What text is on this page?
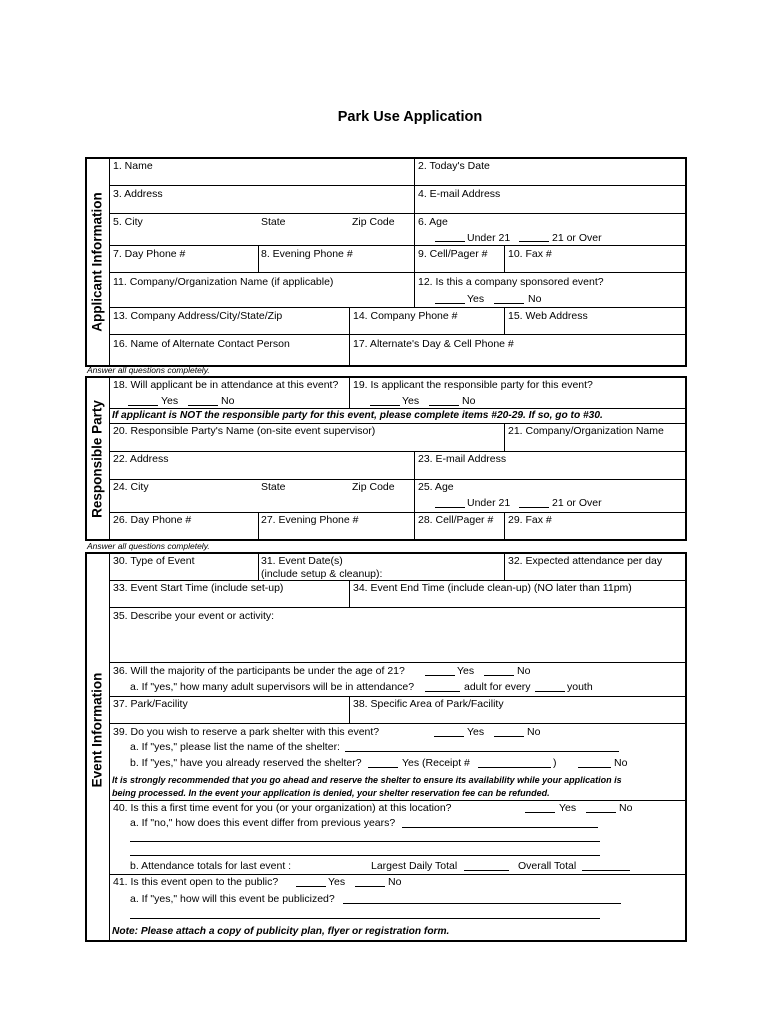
Park Use Application
Applicant Information
1. Name	2. Today's Date
3. Address	4. E-mail Address
5. City	State	Zip Code 6. Age
Under 21	21 or Over
7. Day Phone #	8. Evening Phone #	9. Cell/Pager # 10. Fax #
11. Company/Organization Name (if applicable)	12. Is this a company sponsored event?
Yes	No
13. Company Address/City/State/Zip	14. Company Phone #	15. Web Address
16. Name of Alternate Contact Person	17. Alternate's Day & Cell Phone #
Answer all questions completely.
Responsible Party
18. Will applicant be in attendance at this event?
Yes	No
19. Is applicant the responsible party for this event?
Yes	No
If applicant is NOT the responsible party for this event, please complete items #20-29. If so, go to #30.
20. Responsible Party's Name (on-site event supervisor)	21. Company/Organization Name
22. Address	23. E-mail Address
24. City	State	Zip Code 25. Age
Under 21	21 or Over
26. Day Phone #	27. Evening Phone #	28. Cell/Pager # 29. Fax #
Answer all questions completely.
Event Information
30. Type of Event	31. Event Date(s)
(include setup & cleanup):
32. Expected attendance per day
33. Event Start Time (include set-up)	34. Event End Time (include clean-up) (NO later than 11pm)
35. Describe your event or activity:
36. Will the majority of the participants be under the age of 21?	Yes	No
a. If "yes," how many adult supervisors will be in attendance?	adult for every	youth
37. Park/Facility	38. Specific Area of Park/Facility
39. Do you wish to reserve a park shelter with this event?	Yes	No
a. If "yes," please list the name of the shelter:
b. If "yes," have you already reserved the shelter?	Yes (Receipt #	)	No
It is strongly recommended that you go ahead and reserve the shelter to ensure its availability while your application is
being processed. In the event your application is denied, your shelter reservation fee can be refunded.
40. Is this a first time event for you (or your organization) at this location?	Yes	No
a. If "no," how does this event differ from previous years?
b. Attendance totals for last event :	Largest Daily Total	Overall Total
41. Is this event open to the public?	Yes	No
a. If "yes," how will this event be publicized?
Note: Please attach a copy of publicity plan, flyer or registration form.
